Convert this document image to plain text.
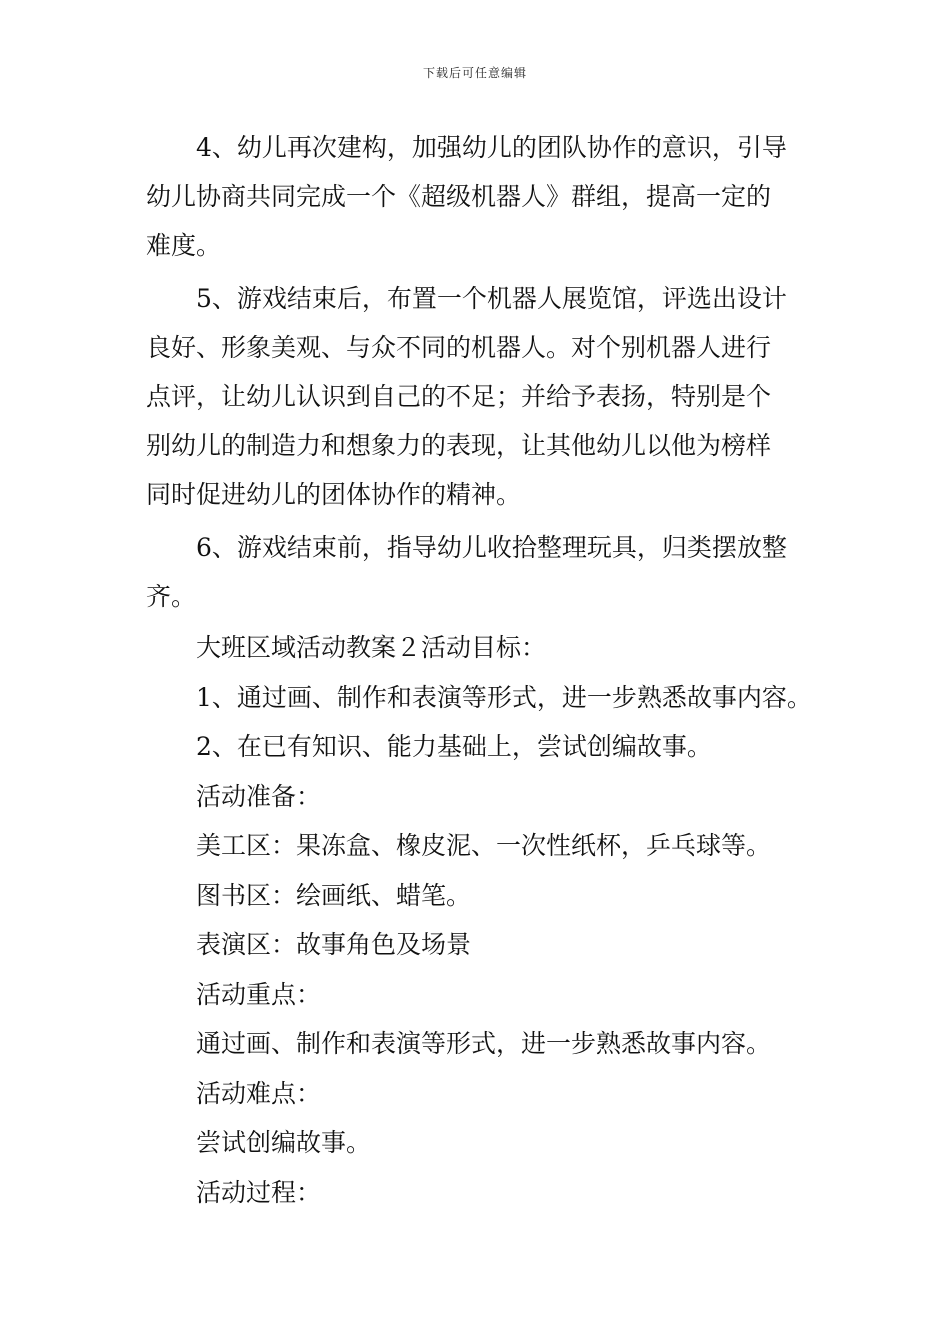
下载后可任意编辑
4、幼儿再次建构，加强幼儿的团队协作的意识，引导
幼儿协商共同完成一个《超级机器人》群组，提高一定的
难度。
5、游戏结束后，布置一个机器人展览馆，评选出设计
良好、形象美观、与众不同的机器人。对个别机器人进行
点评，让幼儿认识到自己的不足；并给予表扬，特别是个
别幼儿的制造力和想象力的表现，让其他幼儿以他为榜样
同时促进幼儿的团体协作的精神。
6、游戏结束前，指导幼儿收拾整理玩具，归类摆放整
齐。
大班区域活动教案２活动目标：
1、通过画、制作和表演等形式，进一步熟悉故事内容。
2、在已有知识、能力基础上，尝试创编故事。
活动准备：
美工区：果冻盒、橡皮泥、一次性纸杯，乒乓球等。
图书区：绘画纸、蜡笔。
表演区：故事角色及场景
活动重点：
通过画、制作和表演等形式，进一步熟悉故事内容。
活动难点：
尝试创编故事。
活动过程：
